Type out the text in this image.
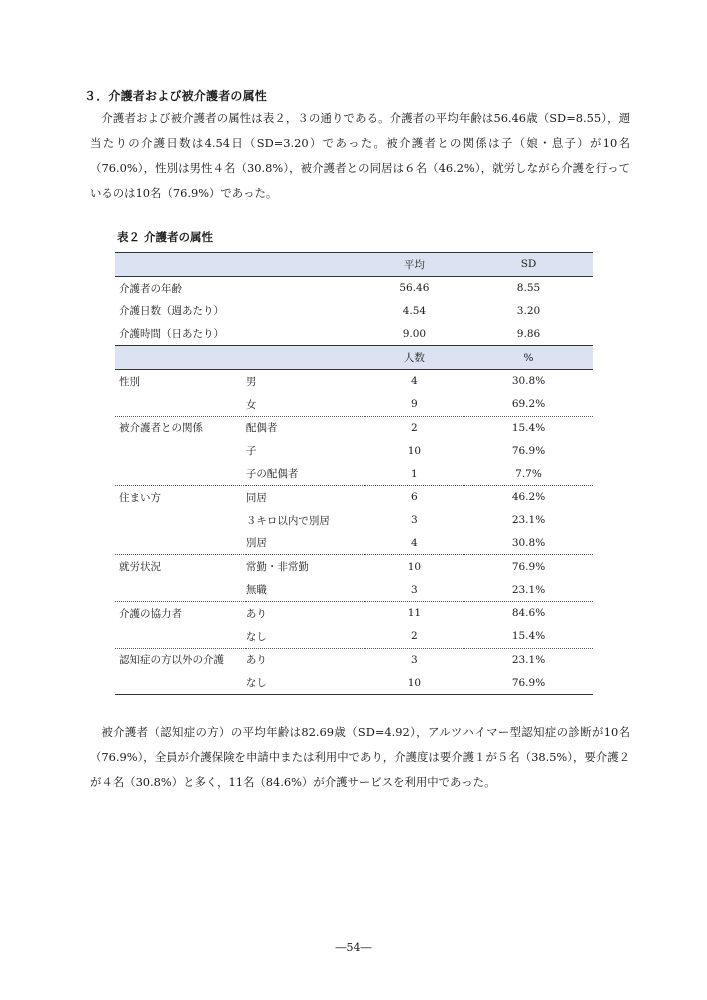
３．介護者および被介護者の属性

介護者および被介護者の属性は表２，３の通りである。介護者の平均年齢は56.46歳（SD=8.55），週当たりの介護日数は4.54日（SD=3.20）であった。被介護者との関係は子（娘・息子）が10名（76.0%），性別は男性４名（30.8%），被介護者との同居は６名（46.2%），就労しながら介護を行っているのは10名（76.9%）であった。

表２ 介護者の属性
		平均	SD
介護者の年齢		56.46	8.55
介護日数（週あたり）		4.54	3.20
介護時間（日あたり）		9.00	9.86
		人数	%
性別	男	4	30.8%
	女	9	69.2%
被介護者との関係	配偶者	2	15.4%
	子	10	76.9%
	子の配偶者	1	7.7%
住まい方	同居	6	46.2%
	３キロ以内で別居	3	23.1%
	別居	4	30.8%
就労状況	常勤・非常勤	10	76.9%
	無職	3	23.1%
介護の協力者	あり	11	84.6%
	なし	2	15.4%
認知症の方以外の介護	あり	3	23.1%
	なし	10	76.9%

被介護者（認知症の方）の平均年齢は82.69歳（SD=4.92），アルツハイマー型認知症の診断が10名（76.9%），全員が介護保険を申請中または利用中であり，介護度は要介護１が５名（38.5%），要介護２が４名（30.8%）と多く，11名（84.6%）が介護サービスを利用中であった。

―54―
